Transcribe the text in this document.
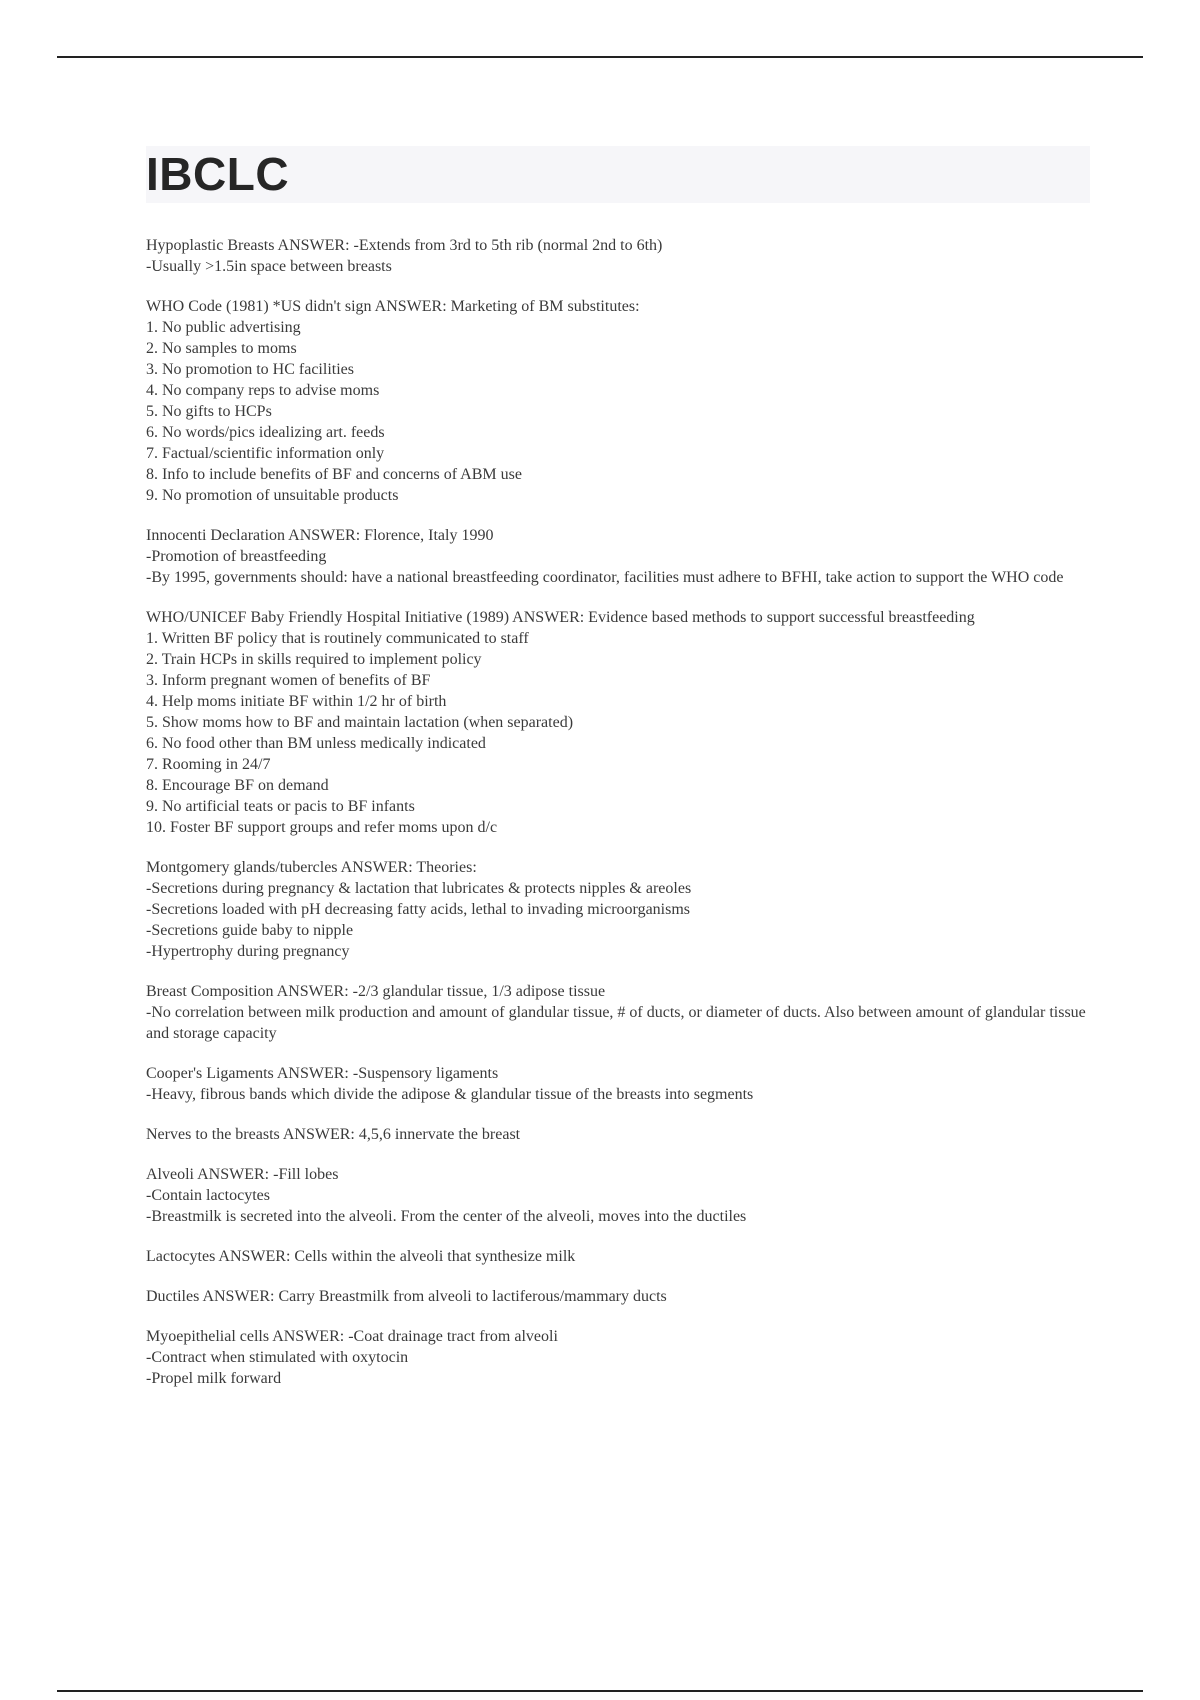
IBCLC

Hypoplastic Breasts ANSWER: -Extends from 3rd to 5th rib (normal 2nd to 6th)

-Usually >1.5in space between breasts

WHO Code (1981) *US didn't sign ANSWER: Marketing of BM substitutes:

1. No public advertising

2. No samples to moms

3. No promotion to HC facilities

4. No company reps to advise moms

5. No gifts to HCPs

6. No words/pics idealizing art. feeds

7. Factual/scientific information only

8. Info to include benefits of BF and concerns of ABM use

9. No promotion of unsuitable products

Innocenti Declaration ANSWER: Florence, Italy 1990

-Promotion of breastfeeding

-By 1995, governments should: have a national breastfeeding coordinator, facilities must adhere to BFHI, take action to support the WHO code

WHO/UNICEF Baby Friendly Hospital Initiative (1989) ANSWER: Evidence based methods to support successful breastfeeding

1. Written BF policy that is routinely communicated to staff

2. Train HCPs in skills required to implement policy

3. Inform pregnant women of benefits of BF

4. Help moms initiate BF within 1/2 hr of birth

5. Show moms how to BF and maintain lactation (when separated)

6. No food other than BM unless medically indicated

7. Rooming in 24/7

8. Encourage BF on demand

9. No artificial teats or pacis to BF infants

10. Foster BF support groups and refer moms upon d/c

Montgomery glands/tubercles ANSWER: Theories:

-Secretions during pregnancy & lactation that lubricates & protects nipples & areoles

-Secretions loaded with pH decreasing fatty acids, lethal to invading microorganisms

-Secretions guide baby to nipple

-Hypertrophy during pregnancy

Breast Composition ANSWER: -2/3 glandular tissue, 1/3 adipose tissue

-No correlation between milk production and amount of glandular tissue, # of ducts, or diameter of ducts. Also between amount of glandular tissue and storage capacity

Cooper's Ligaments ANSWER: -Suspensory ligaments

-Heavy, fibrous bands which divide the adipose & glandular tissue of the breasts into segments

Nerves to the breasts ANSWER: 4,5,6 innervate the breast

Alveoli ANSWER: -Fill lobes

-Contain lactocytes

-Breastmilk is secreted into the alveoli. From the center of the alveoli, moves into the ductiles

Lactocytes ANSWER: Cells within the alveoli that synthesize milk

Ductiles ANSWER: Carry Breastmilk from alveoli to lactiferous/mammary ducts

Myoepithelial cells ANSWER: -Coat drainage tract from alveoli

-Contract when stimulated with oxytocin

-Propel milk forward
